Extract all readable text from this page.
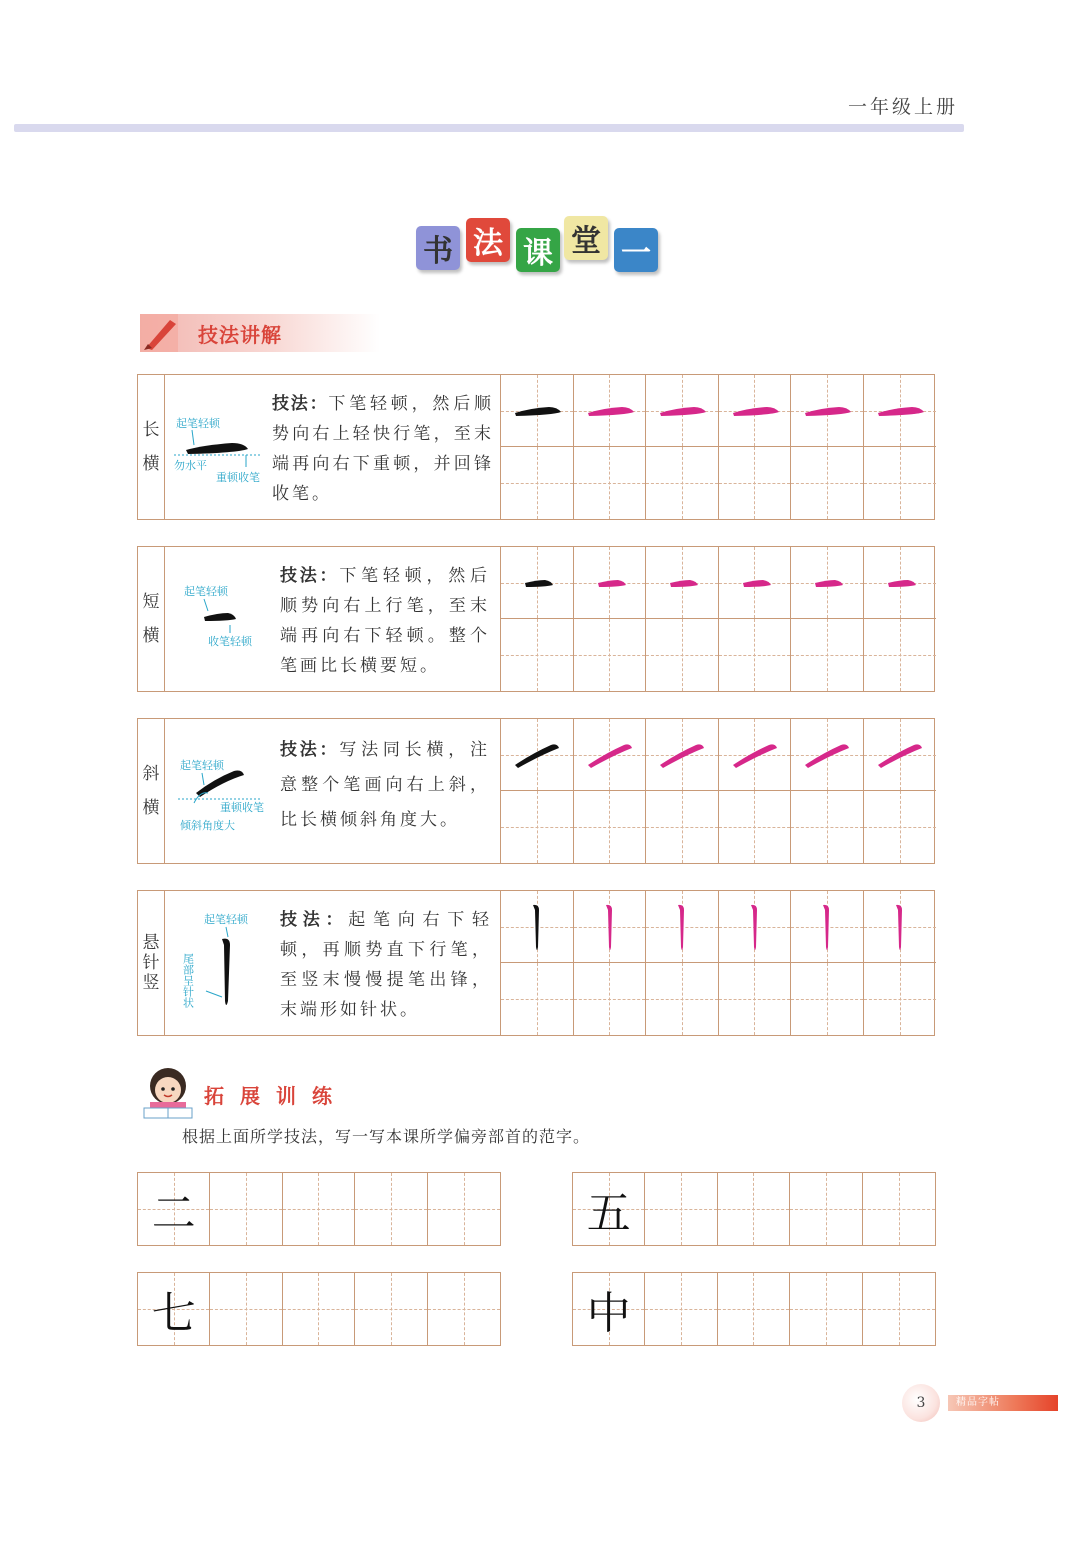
一年级上册
书 法 课 堂 一
技法讲解
长
横
起笔轻顿
勿水平
重顿收笔
技法：下笔轻顿，然后顺势向右上轻快行笔，至末端再向右下重顿，并回锋收笔。
短
横
起笔轻顿
收笔轻顿
技法：下笔轻顿，然后顺势向右上行笔，至末端再向右下轻顿。整个笔画比长横要短。
斜
横
起笔轻顿
重顿收笔
倾斜角度大
技法：写法同长横，注意整个笔画向右上斜，比长横倾斜角度大。
悬
针
竖
起笔轻顿
尾部呈针状
技法：起笔向右下轻顿，再顺势直下行笔，至竖末慢慢提笔出锋，末端形如针状。
拓 展 训 练
根据上面所学技法，写一写本课所学偏旁部首的范字。
二	五
七	中
3	精品字帖
